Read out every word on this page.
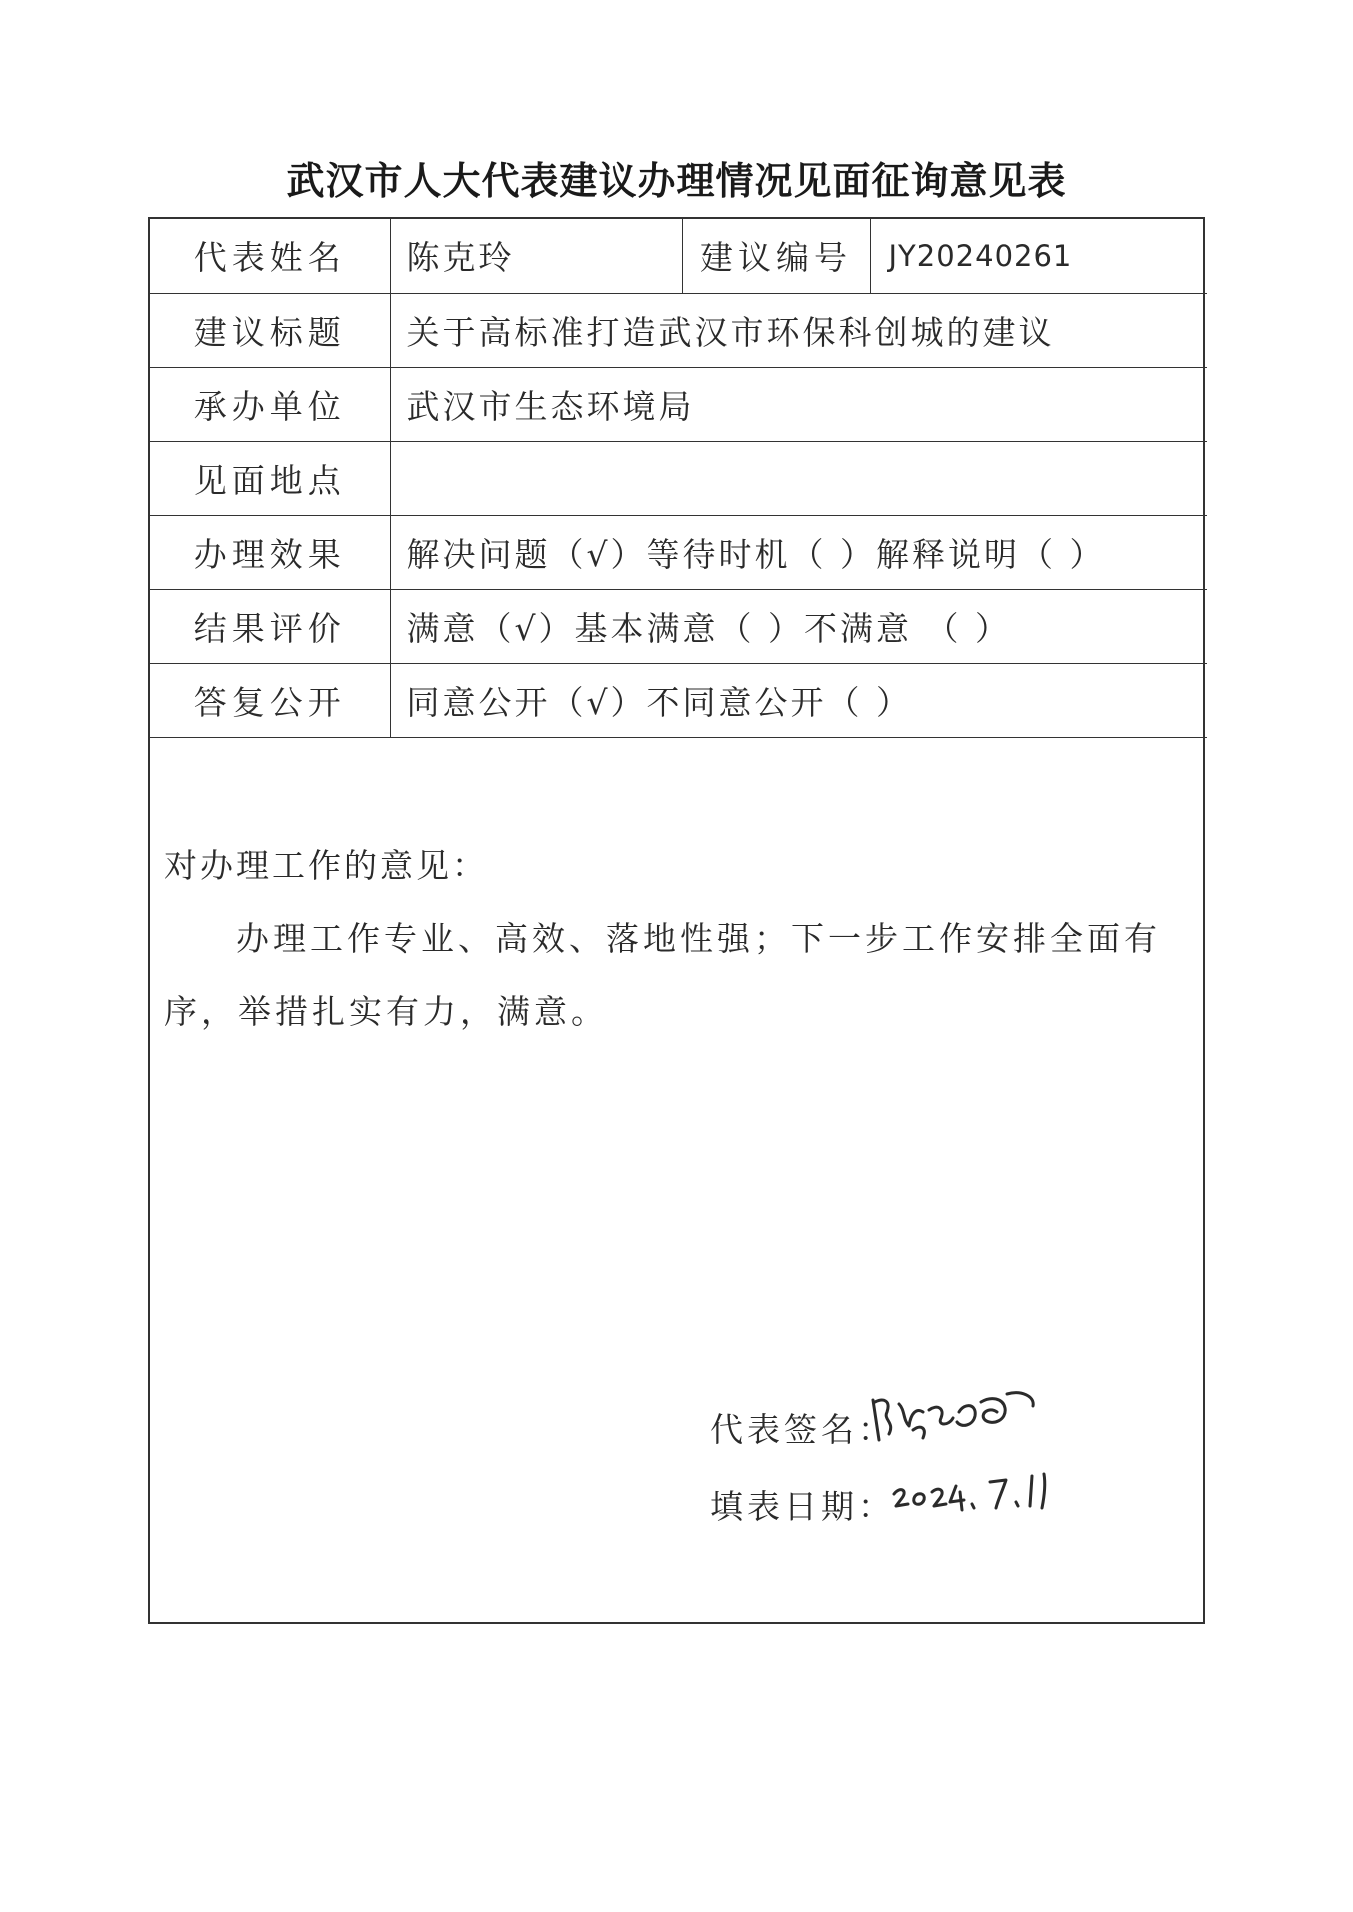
武汉市人大代表建议办理情况见面征询意见表
代表姓名	陈克玲	建议编号	JY20240261
建议标题	关于高标准打造武汉市环保科创城的建议		
承办单位	武汉市生态环境局		
见面地点			
办理效果	解决问题（√）等待时机（ ）解释说明（ ）		
结果评价	满意（√）基本满意（ ）不满意 （ ）		
答复公开	同意公开（√）不同意公开（ ）		
对办理工作的意见：
办理工作专业、高效、落地性强；下一步工作安排全面有序，举措扎实有力，满意。
代表签名：
填表日期：
